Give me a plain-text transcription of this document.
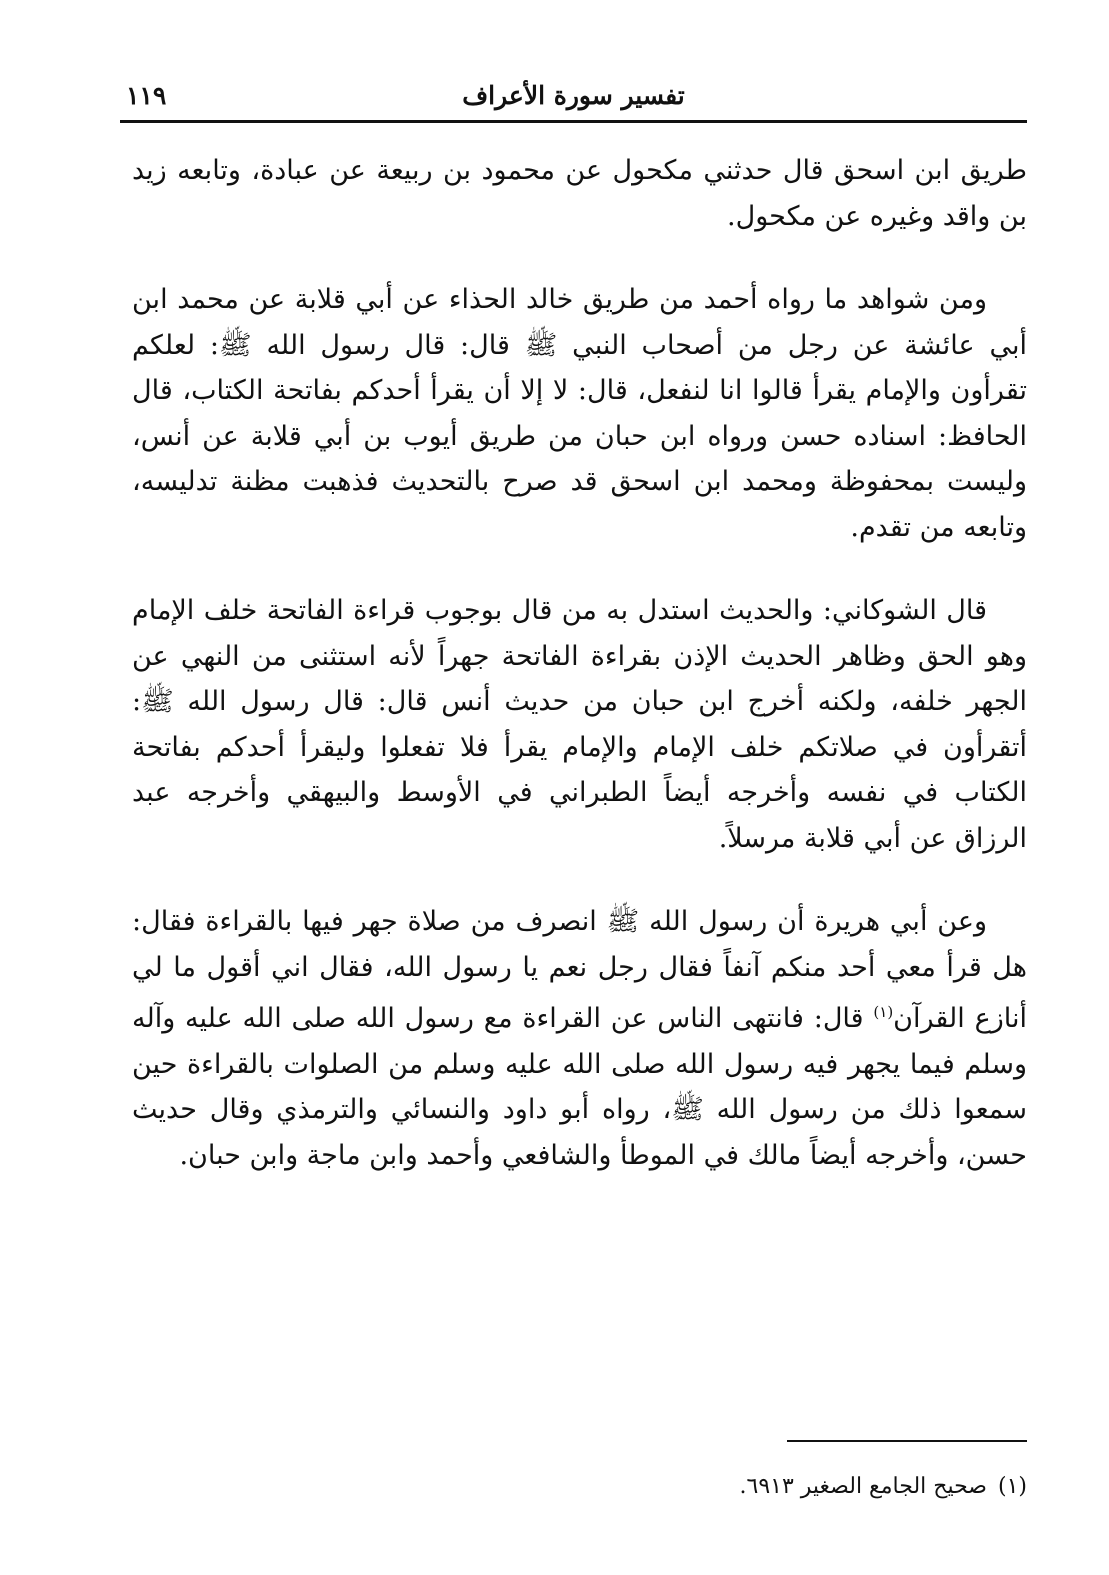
تفسير سورة الأعراف
١١٩

طريق ابن اسحق قال حدثني مكحول عن محمود بن ربيعة عن عبادة، وتابعه زيد بن واقد وغيره عن مكحول.

ومن شواهد ما رواه أحمد من طريق خالد الحذاء عن أبي قلابة عن محمد ابن أبي عائشة عن رجل من أصحاب النبي ﷺ قال: قال رسول الله ﷺ: لعلكم تقرأون والإمام يقرأ قالوا انا لنفعل، قال: لا إلا أن يقرأ أحدكم بفاتحة الكتاب، قال الحافظ: اسناده حسن ورواه ابن حبان من طريق أيوب بن أبي قلابة عن أنس، وليست بمحفوظة ومحمد ابن اسحق قد صرح بالتحديث فذهبت مظنة تدليسه، وتابعه من تقدم.

قال الشوكاني: والحديث استدل به من قال بوجوب قراءة الفاتحة خلف الإمام وهو الحق وظاهر الحديث الإذن بقراءة الفاتحة جهراً لأنه استثنى من النهي عن الجهر خلفه، ولكنه أخرج ابن حبان من حديث أنس قال: قال رسول الله ﷺ: أتقرأون في صلاتكم خلف الإمام والإمام يقرأ فلا تفعلوا وليقرأ أحدكم بفاتحة الكتاب في نفسه وأخرجه أيضاً الطبراني في الأوسط والبيهقي وأخرجه عبد الرزاق عن أبي قلابة مرسلاً.

وعن أبي هريرة أن رسول الله ﷺ انصرف من صلاة جهر فيها بالقراءة فقال: هل قرأ معي أحد منكم آنفاً فقال رجل نعم يا رسول الله، فقال اني أقول ما لي أنازع القرآن$^{(١)}$ قال: فانتهى الناس عن القراءة مع رسول الله صلى الله عليه وآله وسلم فيما يجهر فيه رسول الله صلى الله عليه وسلم من الصلوات بالقراءة حين سمعوا ذلك من رسول الله ﷺ، رواه أبو داود والنسائي والترمذي وقال حديث حسن، وأخرجه أيضاً مالك في الموطأ والشافعي وأحمد وابن ماجة وابن حبان.

(١) صحيح الجامع الصغير ٦٩١٣.
